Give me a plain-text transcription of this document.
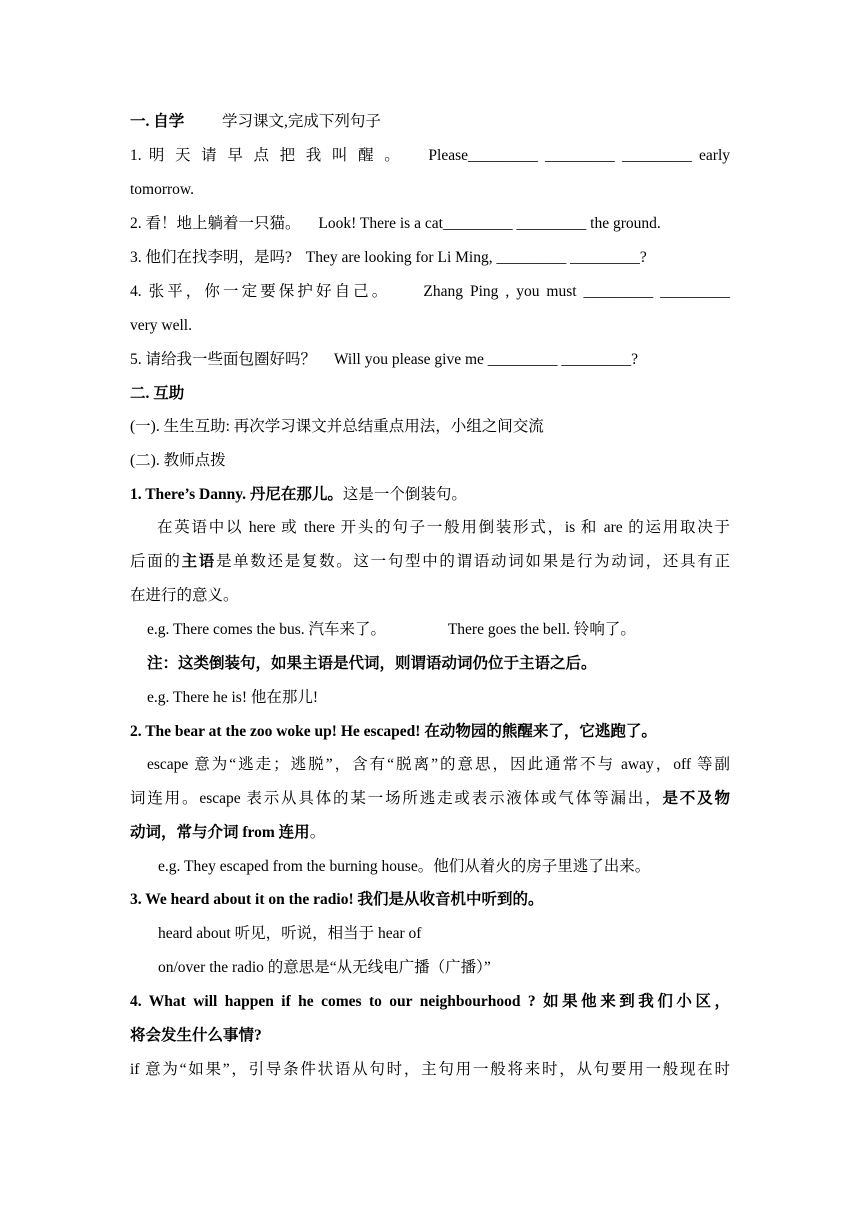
一. 自学 学习课文,完成下列句子
1. 明 天 请 早 点 把 我 叫 醒 。 Please_________ _________ _________ early
tomorrow.
2. 看！地上躺着一只猫。 Look! There is a cat_________ _________ the ground.
3. 他们在找李明，是吗? They are looking for Li Ming, _________ _________?
4. 张平，你一定要保护好自己。 Zhang Ping , you must _________ _________
very well.
5. 请给我一些面包圈好吗？ Will you please give me _________ _________?
二. 互助
(一). 生生互助: 再次学习课文并总结重点用法，小组之间交流
(二). 教师点拨
1. There’s Danny. 丹尼在那儿。这是一个倒装句。
在英语中以 here 或 there 开头的句子一般用倒装形式，is 和 are 的运用取决于
后面的主语是单数还是复数。这一句型中的谓语动词如果是行为动词，还具有正
在进行的意义。
e.g. There comes the bus. 汽车来了。	There goes the bell. 铃响了。
注：这类倒装句，如果主语是代词，则谓语动词仍位于主语之后。
e.g. There he is! 他在那儿!
2. The bear at the zoo woke up! He escaped! 在动物园的熊醒来了，它逃跑了。
escape 意为“逃走；逃脱”，含有“脱离”的意思，因此通常不与 away，off 等副
词连用。escape 表示从具体的某一场所逃走或表示液体或气体等漏出，是不及物
动词，常与介词 from 连用。
e.g. They escaped from the burning house。他们从着火的房子里逃了出来。
3. We heard about it on the radio! 我们是从收音机中听到的。
heard about 听见，听说，相当于 hear of
on/over the radio 的意思是“从无线电广播（广播）”
4. What will happen if he comes to our neighbourhood ? 如果他来到我们小区，
将会发生什么事情?
if 意为“如果”，引导条件状语从句时，主句用一般将来时，从句要用一般现在时
